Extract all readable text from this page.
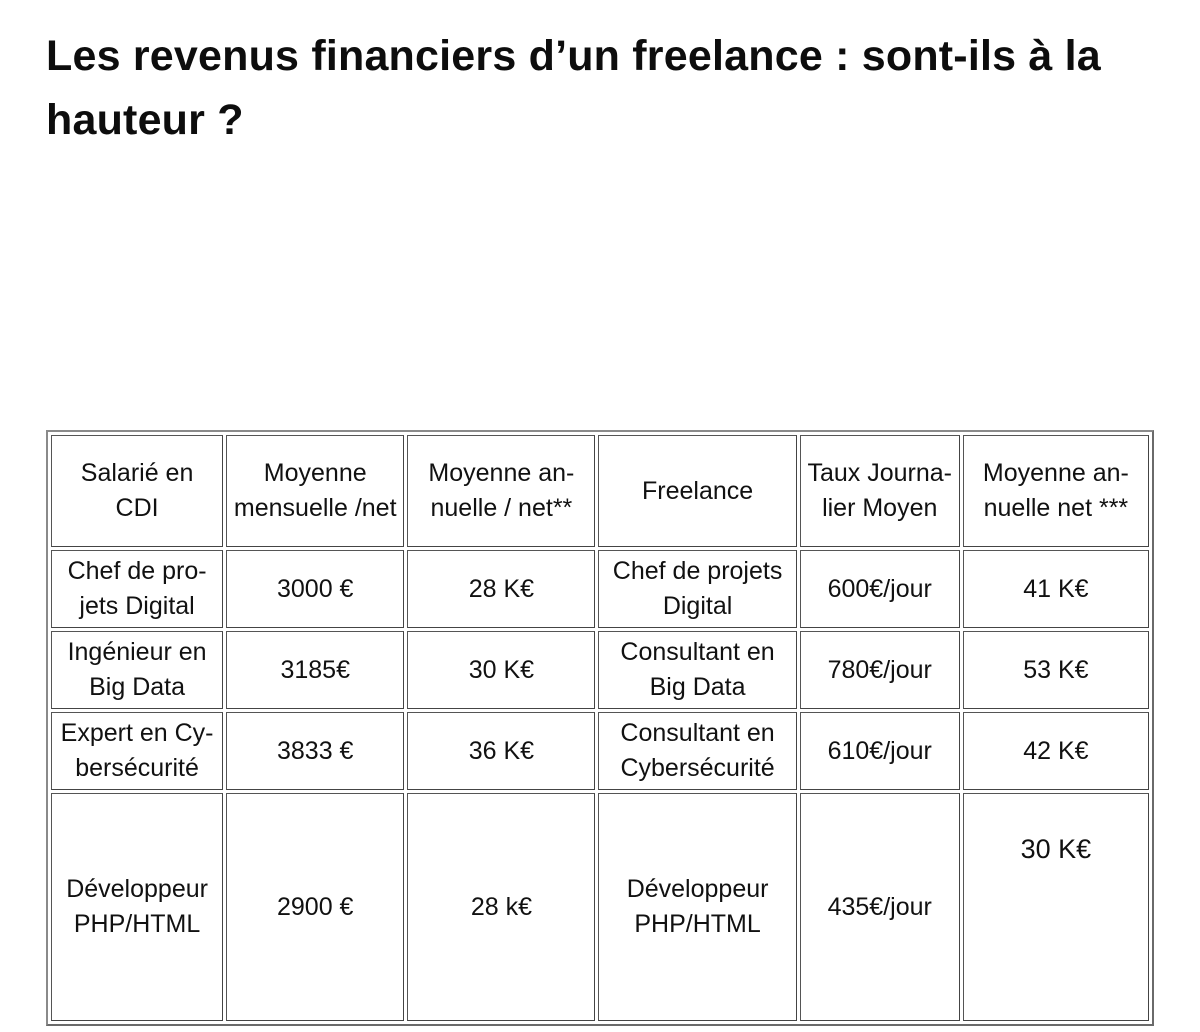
Les revenus financiers d’un freelance : sont-ils à la hauteur ?
Salarié en CDI	Moyenne mensuelle /net	Moyenne an-nuelle / net**	Freelance	Taux Journa-lier Moyen	Moyenne an-nuelle net ***
Chef de pro-jets Digital	3000 €	28 K€	Chef de projets Digital	600€/jour	41 K€
Ingénieur en Big Data	3185€	30 K€	Consultant en Big Data	780€/jour	53 K€
Expert en Cy-bersécurité	3833 €	36 K€	Consultant en Cybersécurité	610€/jour	42 K€
Développeur PHP/HTML	2900 €	28 k€	Développeur PHP/HTML	435€/jour	30 K€
